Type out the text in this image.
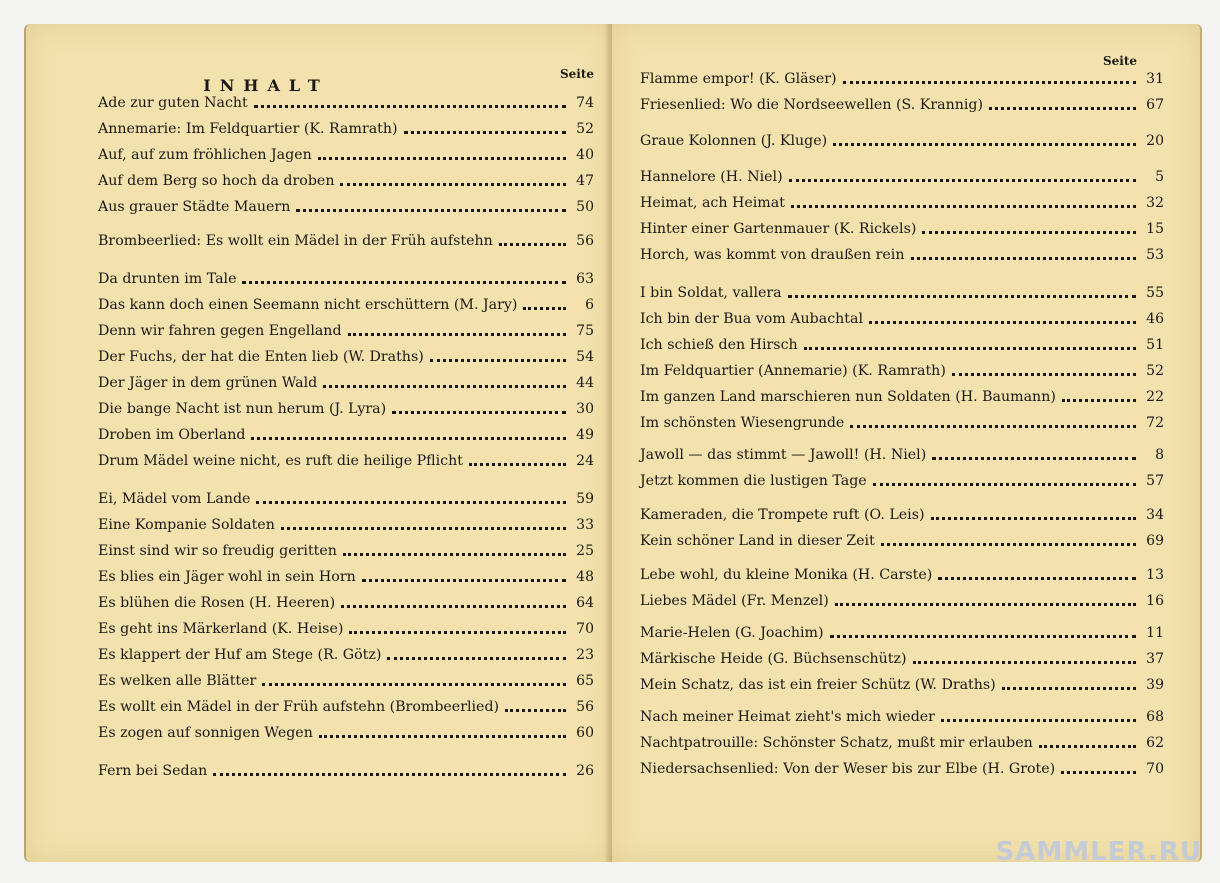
INHALT
Seite
Ade zur guten Nacht	74
Annemarie: Im Feldquartier (K. Ramrath)	52
Auf, auf zum fröhlichen Jagen	40
Auf dem Berg so hoch da droben	47
Aus grauer Städte Mauern	50
Brombeerlied: Es wollt ein Mädel in der Früh aufstehn	56
Da drunten im Tale	63
Das kann doch einen Seemann nicht erschüttern (M. Jary)	6
Denn wir fahren gegen Engelland	75
Der Fuchs, der hat die Enten lieb (W. Draths)	54
Der Jäger in dem grünen Wald	44
Die bange Nacht ist nun herum (J. Lyra)	30
Droben im Oberland	49
Drum Mädel weine nicht, es ruft die heilige Pflicht	24
Ei, Mädel vom Lande	59
Eine Kompanie Soldaten	33
Einst sind wir so freudig geritten	25
Es blies ein Jäger wohl in sein Horn	48
Es blühen die Rosen (H. Heeren)	64
Es geht ins Märkerland (K. Heise)	70
Es klappert der Huf am Stege (R. Götz)	23
Es welken alle Blätter	65
Es wollt ein Mädel in der Früh aufstehn (Brombeerlied)	56
Es zogen auf sonnigen Wegen	60
Fern bei Sedan	26
Seite
Flamme empor! (K. Gläser)	31
Friesenlied: Wo die Nordseewellen (S. Krannig)	67
Graue Kolonnen (J. Kluge)	20
Hannelore (H. Niel)	5
Heimat, ach Heimat	32
Hinter einer Gartenmauer (K. Rickels)	15
Horch, was kommt von draußen rein	53
I bin Soldat, vallera	55
Ich bin der Bua vom Aubachtal	46
Ich schieß den Hirsch	51
Im Feldquartier (Annemarie) (K. Ramrath)	52
Im ganzen Land marschieren nun Soldaten (H. Baumann)	22
Im schönsten Wiesengrunde	72
Jawoll — das stimmt — Jawoll! (H. Niel)	8
Jetzt kommen die lustigen Tage	57
Kameraden, die Trompete ruft (O. Leis)	34
Kein schöner Land in dieser Zeit	69
Lebe wohl, du kleine Monika (H. Carste)	13
Liebes Mädel (Fr. Menzel)	16
Marie-Helen (G. Joachim)	11
Märkische Heide (G. Büchsenschütz)	37
Mein Schatz, das ist ein freier Schütz (W. Draths)	39
Nach meiner Heimat zieht's mich wieder	68
Nachtpatrouille: Schönster Schatz, mußt mir erlauben	62
Niedersachsenlied: Von der Weser bis zur Elbe (H. Grote)	70
SAMMLER.RU
